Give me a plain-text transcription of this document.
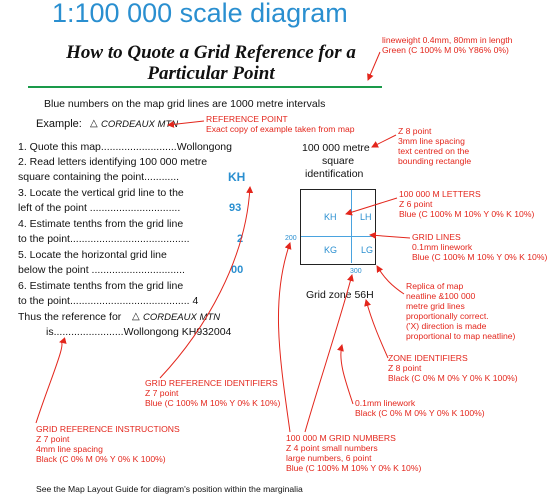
1:100 000 scale diagram
How to Quote a Grid Reference for a Particular Point
lineweight 0.4mm, 80mm in length
Green (C 100% M 0% Y86% 0%)
Blue numbers on the map grid lines are 1000 metre intervals
Example: △ CORDEAUX MTN	REFERENCE POINT
Exact copy of example taken from map
1. Quote this map..........................Wollongong
2. Read letters identifying 100 000 metre
square containing the point............	KH
3. Locate the vertical grid line to the
left of the point ...............................	93
4. Estimate tenths from the grid line
to the point.........................................	2
5. Locate the horizontal grid line
below the point ................................	00
6. Estimate tenths from the grid line
to the point......................................... 4
Thus the reference for △ CORDEAUX MTN
is........................Wollongong KH932004
100 000 metre
square
identification
Z 8 point
3mm line spacing
text centred on the
bounding rectangle
KH	LH
KG	LG
200
300
Grid zone 56H
100 000 M LETTERS
Z 6 point
Blue (C 100% M 10% Y 0% K 10%)
GRID LINES
0.1mm linework
Blue (C 100% M 10% Y 0% K 10%)
Replica of map
neatline &100 000
metre grid lines
proportionally correct.
('X) direction is made
proportional to map neatline)
ZONE IDENTIFIERS
Z 8 point
Black (C 0% M 0% Y 0% K 100%)
0.1mm linework
Black (C 0% M 0% Y 0% K 100%)
GRID REFERENCE IDENTIFIERS
Z 7 point
Blue (C 100% M 10% Y 0% K 10%)
GRID REFERENCE INSTRUCTIONS
Z 7 point
4mm line spacing
Black (C 0% M 0% Y 0% K 100%)
100 000 M GRID NUMBERS
Z 4 point small numbers
large numbers, 6 point
Blue (C 100% M 10% Y 0% K 10%)
See the Map Layout Guide for diagram's position within the marginalia
